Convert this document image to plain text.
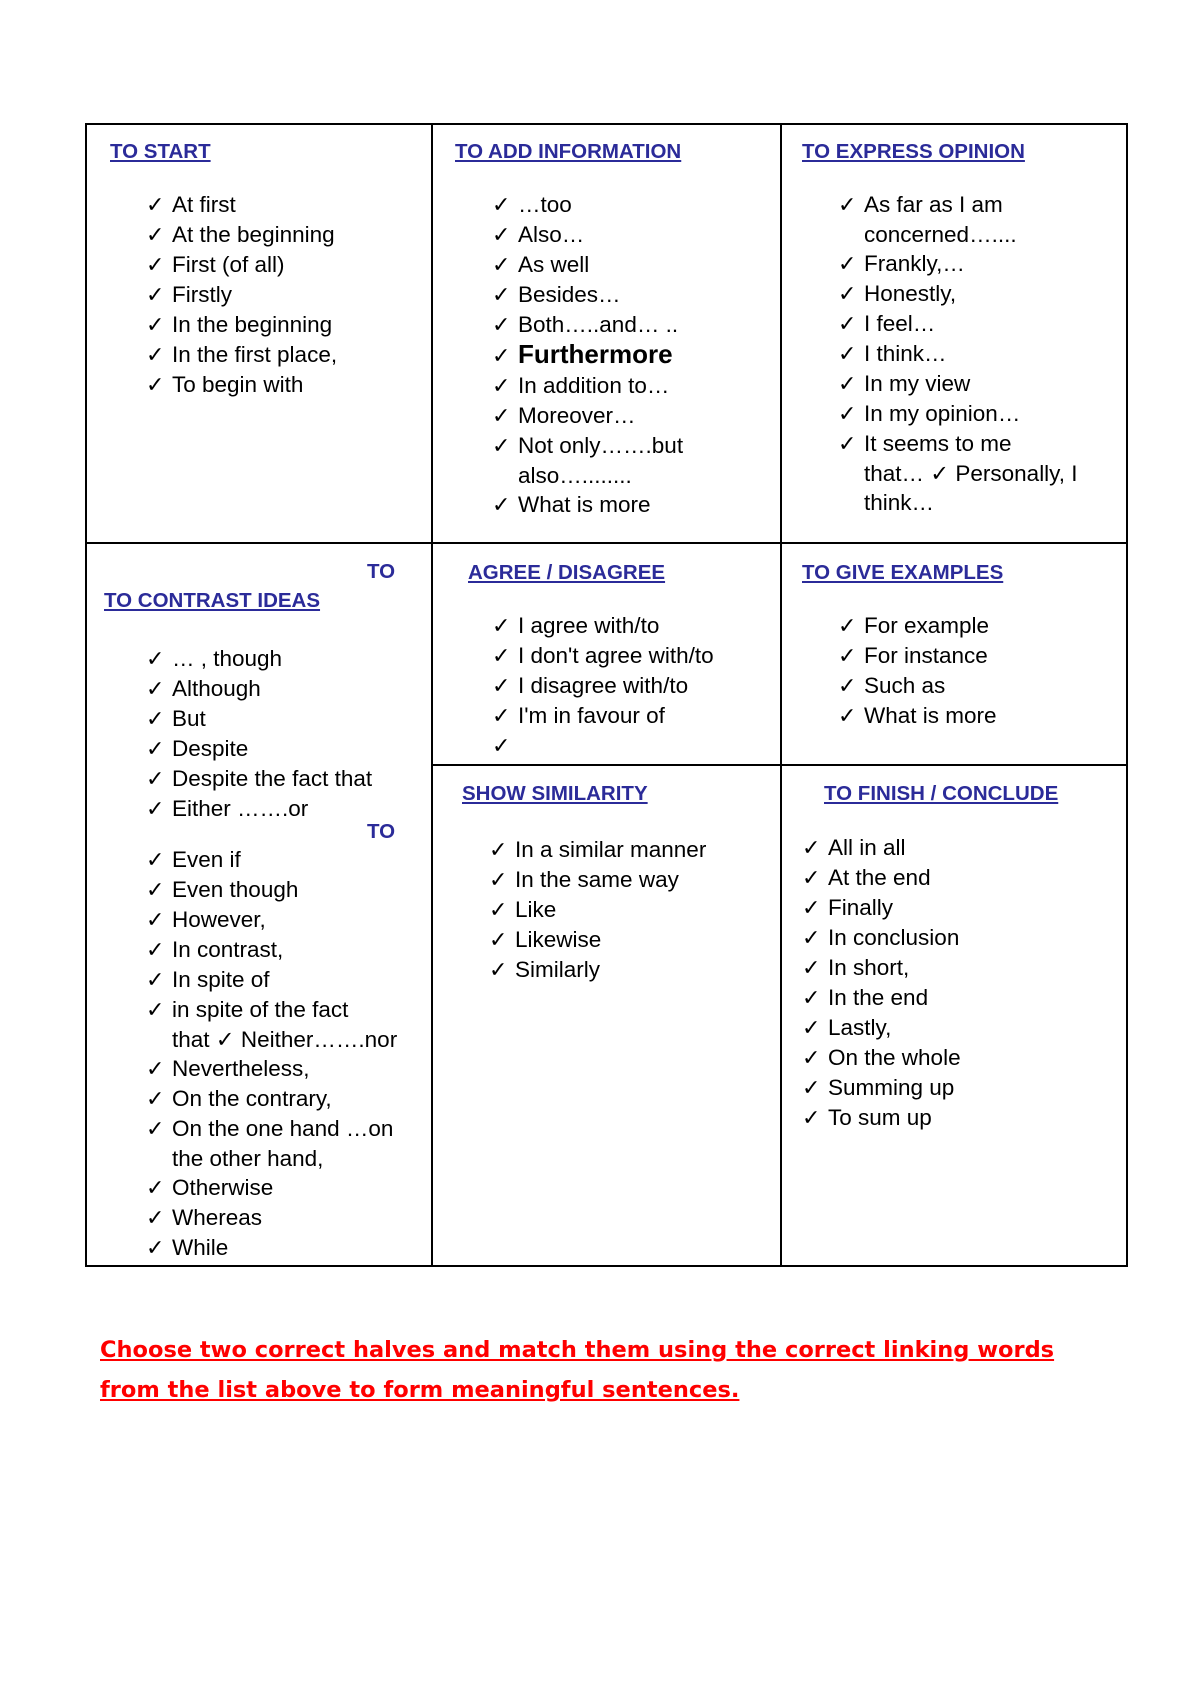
TO START
✓ At first
✓ At the beginning
✓ First (of all)
✓ Firstly
✓ In the beginning
✓ In the first place,
✓ To begin with
TO ADD INFORMATION
✓ …too
✓ Also…
✓ As well
✓ Besides…
✓ Both…..and… ..
✓ Furthermore
✓ In addition to…
✓ Moreover…
✓ Not only…….but
also…........
✓ What is more
TO EXPRESS OPINION
✓ As far as I am
concerned…....
✓ Frankly,…
✓ Honestly,
✓ I feel…
✓ I think…
✓ In my view
✓ In my opinion…
✓ It seems to me
that… ✓ Personally, I
think…
TO
TO CONTRAST IDEAS
✓ … , though
✓ Although
✓ But
✓ Despite
✓ Despite the fact that
✓ Either …….or
TO
✓ Even if
✓ Even though
✓ However,
✓ In contrast,
✓ In spite of
✓ in spite of the fact
that ✓ Neither…….nor
✓ Nevertheless,
✓ On the contrary,
✓ On the one hand …on
the other hand,
✓ Otherwise
✓ Whereas
✓ While
AGREE / DISAGREE
✓ I agree with/to
✓ I don't agree with/to
✓ I disagree with/to
✓ I'm in favour of
✓
TO GIVE EXAMPLES
✓ For example
✓ For instance
✓ Such as
✓ What is more
SHOW SIMILARITY
✓ In a similar manner
✓ In the same way
✓ Like
✓ Likewise
✓ Similarly
TO FINISH / CONCLUDE
✓ All in all
✓ At the end
✓ Finally
✓ In conclusion
✓ In short,
✓ In the end
✓ Lastly,
✓ On the whole
✓ Summing up
✓ To sum up
Choose two correct halves and match them using the correct linking words from the list above to form meaningful sentences.
